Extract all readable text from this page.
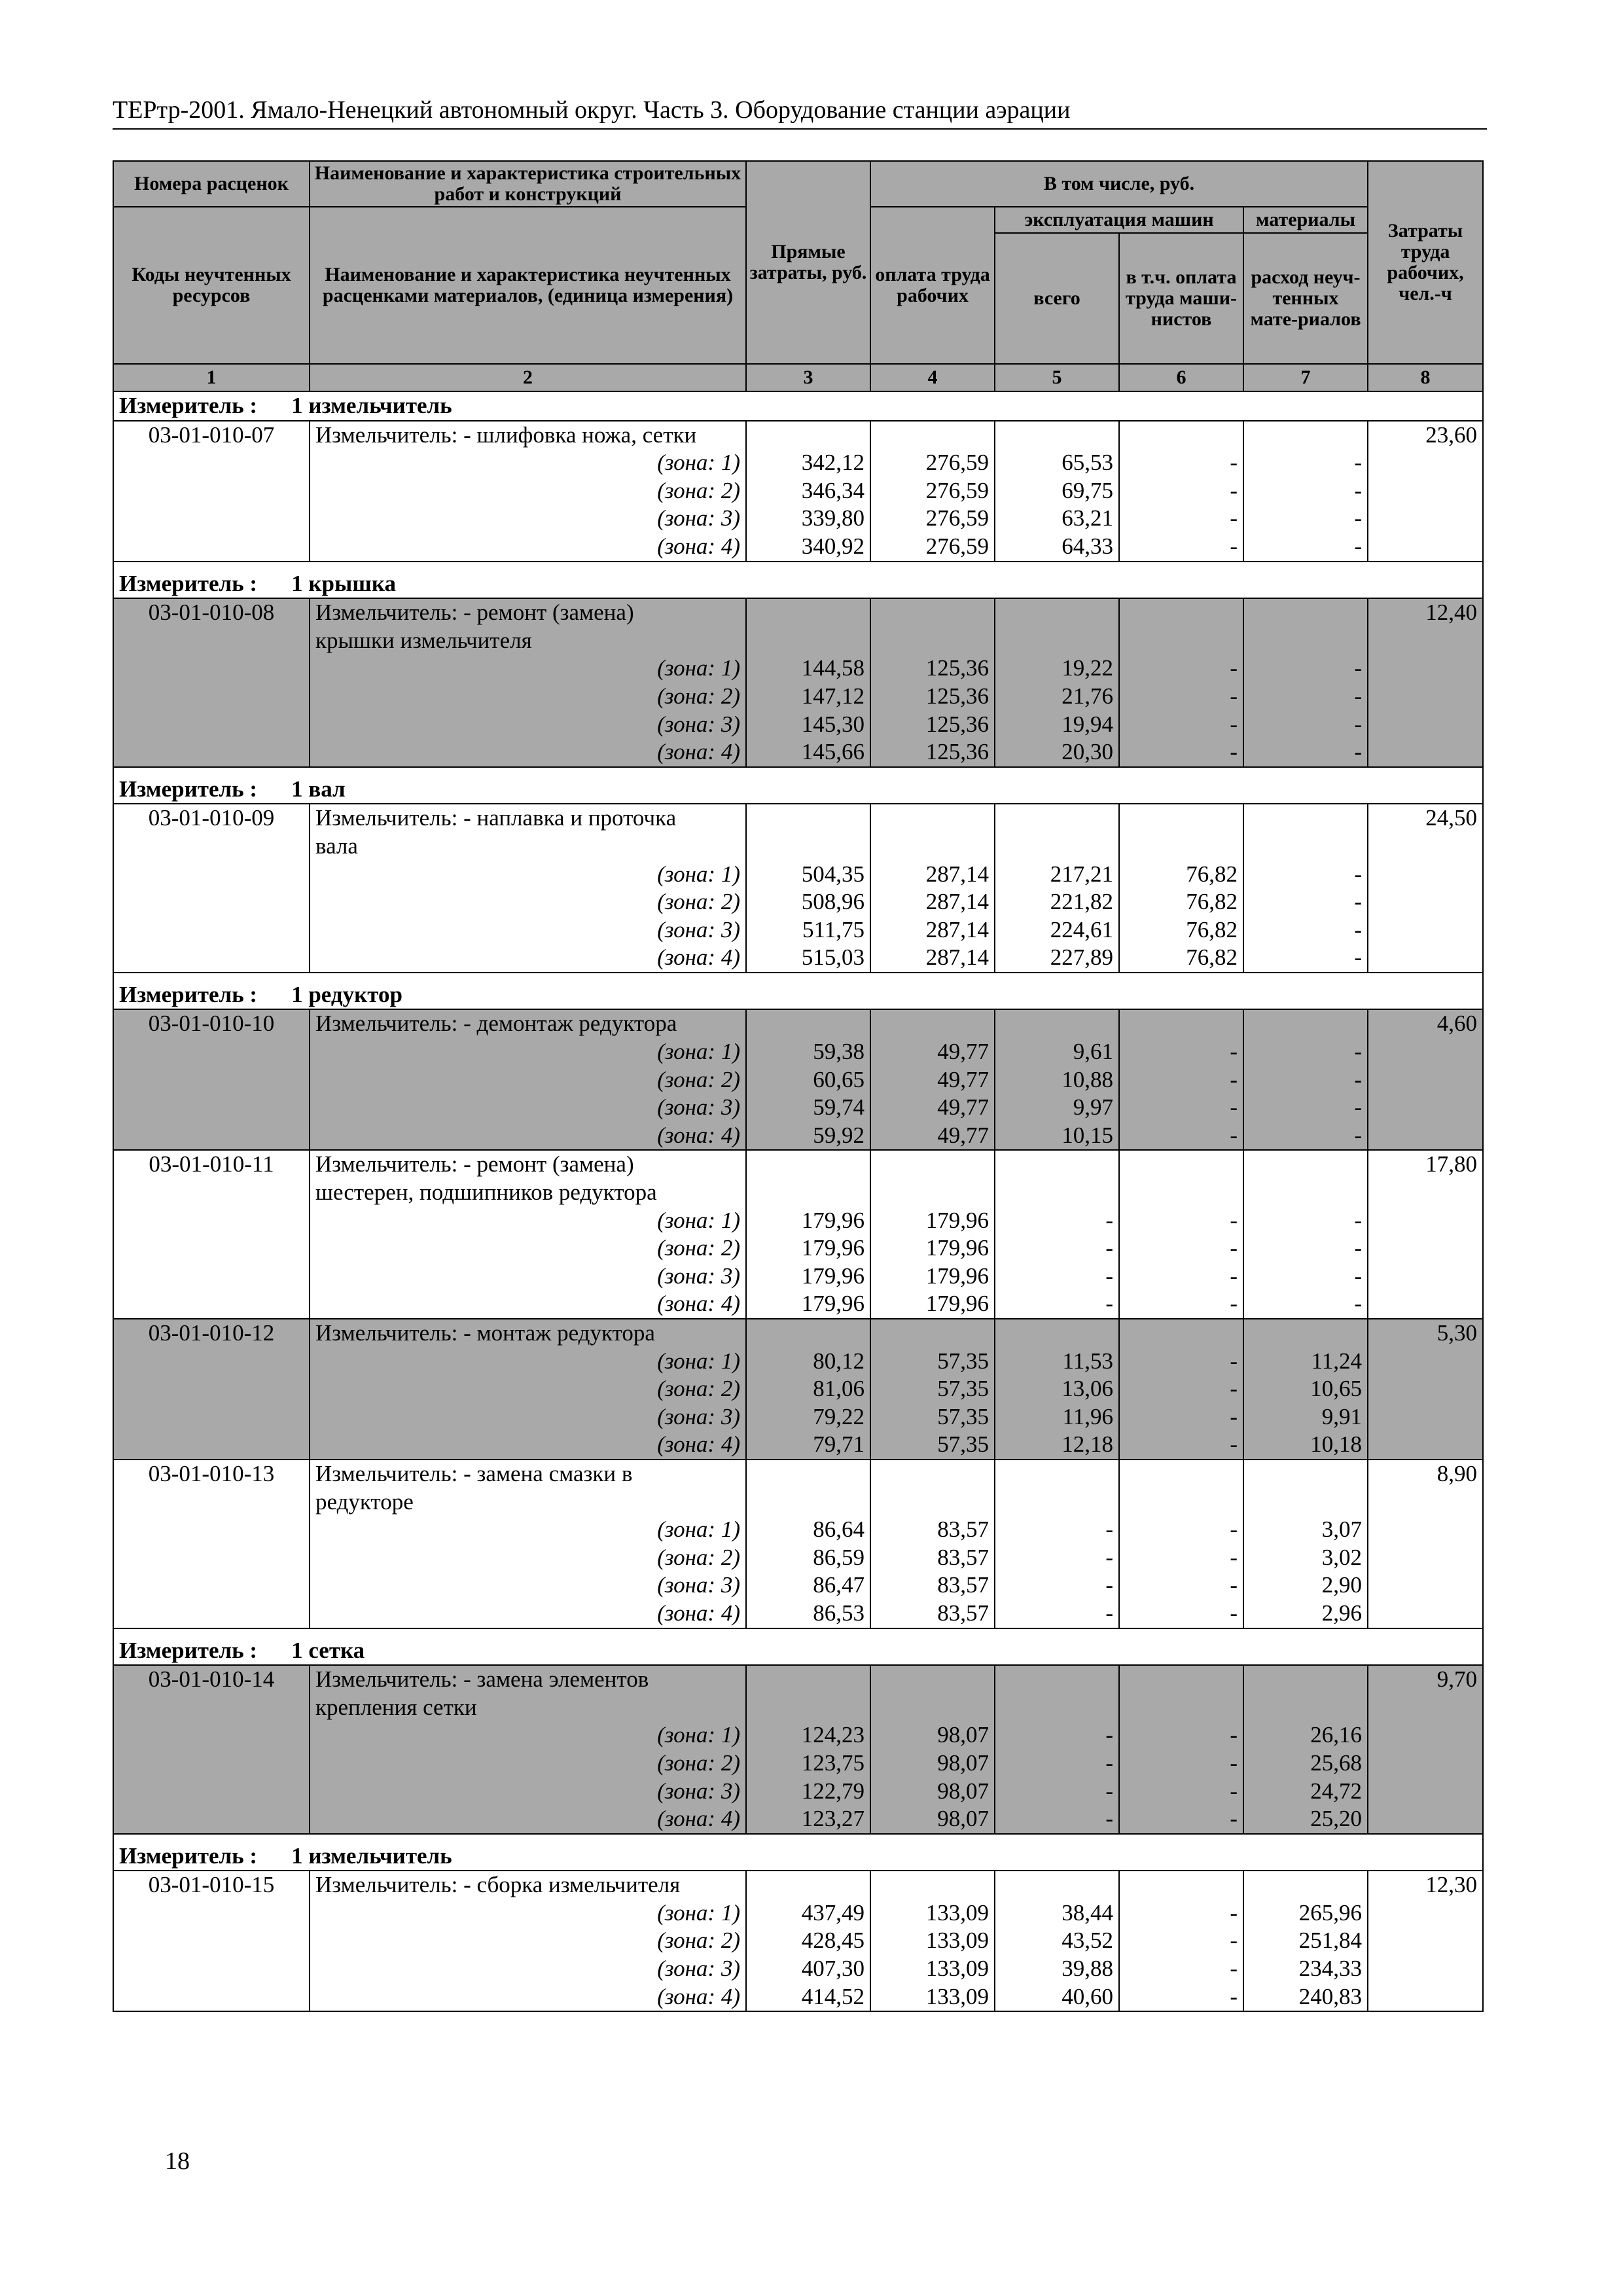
ТЕРтр-2001. Ямало-Ненецкий автономный округ. Часть 3. Оборудование станции аэрации
Номера расценок	Наименование и характеристика строительных работ и конструкций	Прямые затраты, руб.	В том числе, руб.				Затраты труда рабочих, чел.-ч
Коды неучтенных ресурсов	Наименование и характеристика неучтенных расценками материалов, (единица измерения)		оплата труда рабочих	эксплуатация машин		материалы	
				всего	в т.ч. оплата труда маши-нистов	расход неуч-тенных мате-риалов	
1	2	3	4	5	6	7	8
Измеритель : 1 измельчитель							
03-01-010-07	Измельчитель: - шлифовка ножа, сетки						23,60
	(зона: 1)	342,12	276,59	65,53	-	-	
	(зона: 2)	346,34	276,59	69,75	-	-	
	(зона: 3)	339,80	276,59	63,21	-	-	
	(зона: 4)	340,92	276,59	64,33	-	-	

Измеритель : 1 крышка							
03-01-010-08	Измельчитель: - ремонт (замена)						12,40
	крышки измельчителя						
	(зона: 1)	144,58	125,36	19,22	-	-	
	(зона: 2)	147,12	125,36	21,76	-	-	
	(зона: 3)	145,30	125,36	19,94	-	-	
	(зона: 4)	145,66	125,36	20,30	-	-	

Измеритель : 1 вал							
03-01-010-09	Измельчитель: - наплавка и проточка						24,50
	вала						
	(зона: 1)	504,35	287,14	217,21	76,82	-	
	(зона: 2)	508,96	287,14	221,82	76,82	-	
	(зона: 3)	511,75	287,14	224,61	76,82	-	
	(зона: 4)	515,03	287,14	227,89	76,82	-	

Измеритель : 1 редуктор							
03-01-010-10	Измельчитель: - демонтаж редуктора						4,60
	(зона: 1)	59,38	49,77	9,61	-	-	
	(зона: 2)	60,65	49,77	10,88	-	-	
	(зона: 3)	59,74	49,77	9,97	-	-	
	(зона: 4)	59,92	49,77	10,15	-	-	
03-01-010-11	Измельчитель: - ремонт (замена)						17,80
	шестерен, подшипников редуктора						
	(зона: 1)	179,96	179,96	-	-	-	
	(зона: 2)	179,96	179,96	-	-	-	
	(зона: 3)	179,96	179,96	-	-	-	
	(зона: 4)	179,96	179,96	-	-	-	
03-01-010-12	Измельчитель: - монтаж редуктора						5,30
	(зона: 1)	80,12	57,35	11,53	-	11,24	
	(зона: 2)	81,06	57,35	13,06	-	10,65	
	(зона: 3)	79,22	57,35	11,96	-	9,91	
	(зона: 4)	79,71	57,35	12,18	-	10,18	
03-01-010-13	Измельчитель: - замена смазки в						8,90
	редукторе						
	(зона: 1)	86,64	83,57	-	-	3,07	
	(зона: 2)	86,59	83,57	-	-	3,02	
	(зона: 3)	86,47	83,57	-	-	2,90	
	(зона: 4)	86,53	83,57	-	-	2,96	

Измеритель : 1 сетка							
03-01-010-14	Измельчитель: - замена элементов						9,70
	крепления сетки						
	(зона: 1)	124,23	98,07	-	-	26,16	
	(зона: 2)	123,75	98,07	-	-	25,68	
	(зона: 3)	122,79	98,07	-	-	24,72	
	(зона: 4)	123,27	98,07	-	-	25,20	

Измеритель : 1 измельчитель							
03-01-010-15	Измельчитель: - сборка измельчителя						12,30
	(зона: 1)	437,49	133,09	38,44	-	265,96	
	(зона: 2)	428,45	133,09	43,52	-	251,84	
	(зона: 3)	407,30	133,09	39,88	-	234,33	
	(зона: 4)	414,52	133,09	40,60	-	240,83	
18
